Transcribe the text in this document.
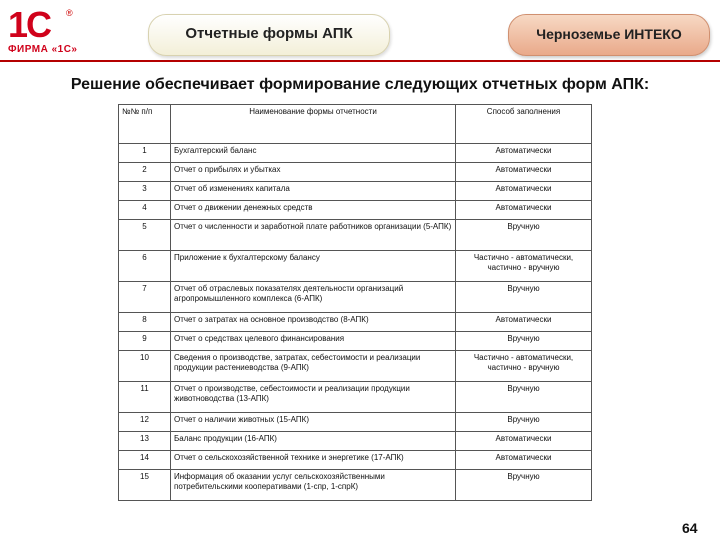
1С ®
ФИРМА «1С»
Отчетные формы АПК	Черноземье ИНТЕКО
Решение обеспечивает формирование следующих отчетных форм АПК:
№№ п/п	Наименование формы отчетности	Способ заполнения
1	Бухгалтерский баланс	Автоматически
2	Отчет о прибылях и убытках	Автоматически
3	Отчет об изменениях капитала	Автоматически
4	Отчет о движении денежных средств	Автоматически
5	Отчет о численности и заработной плате работников организации (5-АПК)	Вручную
6	Приложение к бухгалтерскому балансу	Частично - автоматически, частично - вручную
7	Отчет об отраслевых показателях деятельности организаций агропромышленного комплекса (6-АПК)	Вручную
8	Отчет о затратах на основное производство (8-АПК)	Автоматически
9	Отчет о средствах целевого финансирования	Вручную
10	Сведения о производстве, затратах, себестоимости и реализации продукции растениеводства (9-АПК)	Частично - автоматически, частично - вручную
11	Отчет о производстве, себестоимости и реализации продукции животноводства (13-АПК)	Вручную
12	Отчет о наличии животных (15-АПК)	Вручную
13	Баланс продукции (16-АПК)	Автоматически
14	Отчет о сельскохозяйственной технике и энергетике (17-АПК)	Автоматически
15	Информация об оказании услуг сельскохозяйственными потребительскими кооперативами (1-спр, 1-спрК)	Вручную
64
